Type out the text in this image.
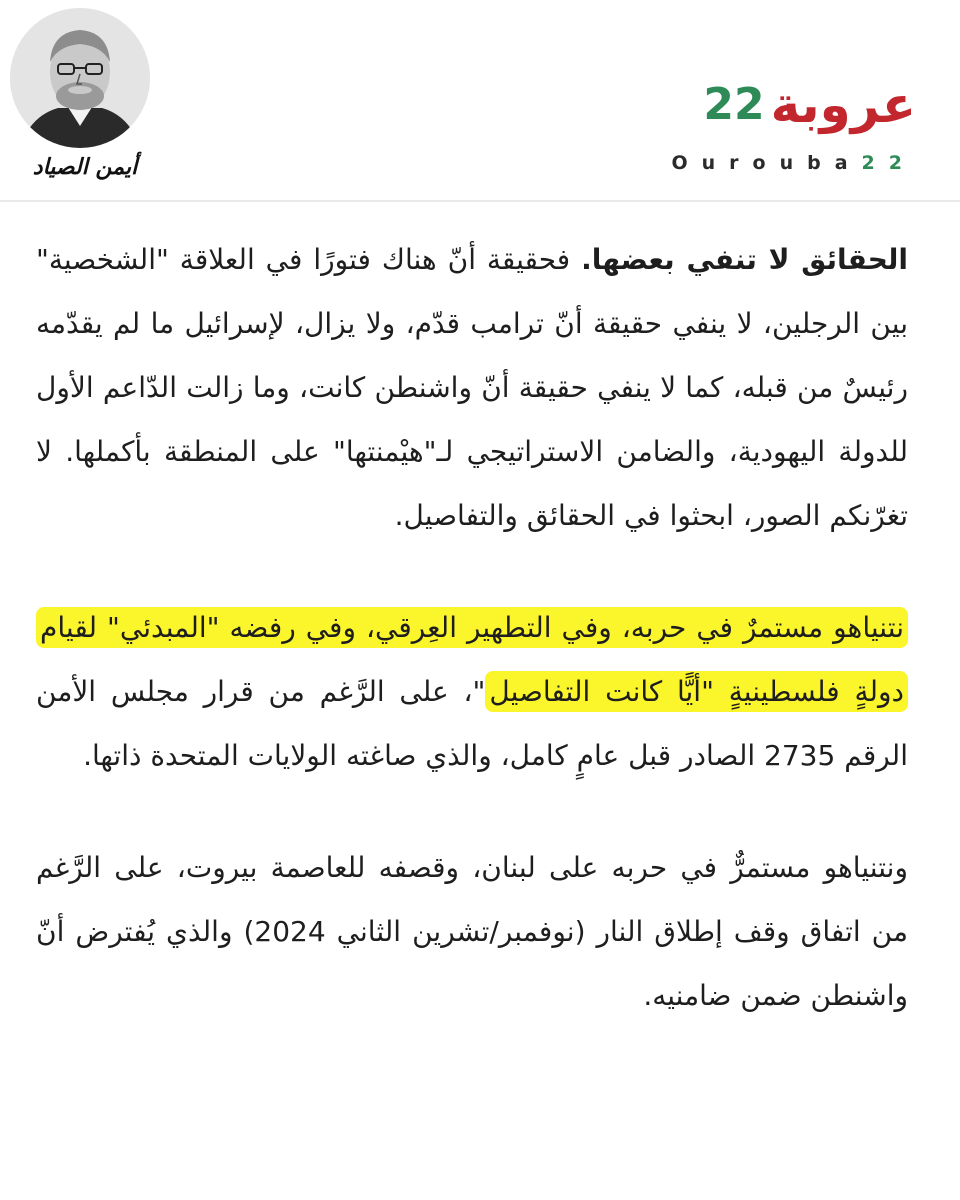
أيمن الصياد
22 عروبة
Ourouba22

الحقائق لا تنفي بعضها. فحقيقة أنّ هناك فتورًا في العلاقة "الشخصية" بين الرجلين، لا ينفي حقيقة أنّ ترامب قدّم، ولا يزال، لإسرائيل ما لم يقدّمه رئيسٌ من قبله، كما لا ينفي حقيقة أنّ واشنطن كانت، وما زالت الدّاعم الأول للدولة اليهودية، والضامن الاستراتيجي لـ"هيْمنتها" على المنطقة بأكملها. لا تغرّنكم الصور، ابحثوا في الحقائق والتفاصيل.

نتنياهو مستمرٌ في حربه، وفي التطهير العِرقي، وفي رفضه "المبدئي" لقيام دولةٍ فلسطينيةٍ "أيًّا كانت التفاصيل"، على الرَّغم من قرار مجلس الأمن الرقم 2735 الصادر قبل عامٍ كامل، والذي صاغته الولايات المتحدة ذاتها.

ونتنياهو مستمرٌّ في حربه على لبنان، وقصفه للعاصمة بيروت، على الرَّغم من اتفاق وقف إطلاق النار (نوفمبر/تشرين الثاني 2024) والذي يُفترض أنّ واشنطن ضمن ضامنيه.
